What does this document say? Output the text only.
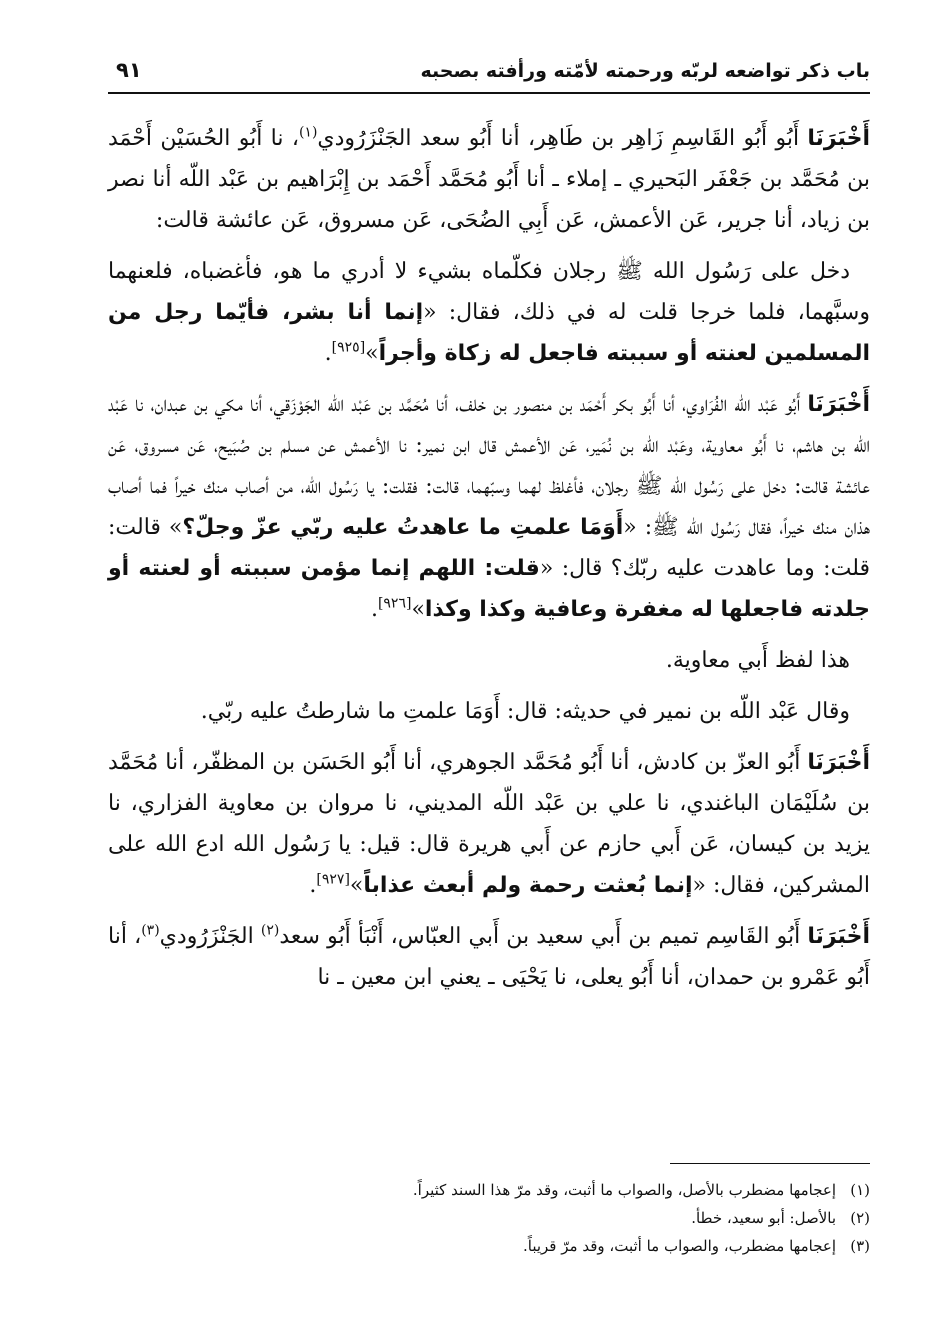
باب ذكر تواضعه لربّه ورحمته لأمّته ورأفته بصحبه
٩١

أَخْبَرَنَا أَبُو أَبُو القَاسِمِ زَاهِر بن طَاهِر، أنا أَبُو سعد الجَنْزَرُودي$^{(١)}$، نا أَبُو الحُسَيْن أَحْمَد بن مُحَمَّد بن جَعْفَر البَحيري ـ إملاء ـ أنا أَبُو مُحَمَّد أَحْمَد بن إِبْرَاهيم بن عَبْد اللّه أنا نصر بن زياد، أنا جرير، عَن الأعمش، عَن أَبِي الضُحَى، عَن مسروق، عَن عائشة قالت:

دخل على رَسُول الله ﷺ رجلان فكلّماه بشيء لا أدري ما هو، فأغضباه، فلعنهما وسبَّهما، فلما خرجا قلت له في ذلك، فقال: «إنما أنا بشر، فأيّما رجل من المسلمين لعنته أو سببته فاجعل له زكاة وأجراً»[٩٢٥].

أَخْبَرَنَا أَبُو عَبْد اللّه الفُرَاوي، أنا أَبُو بكر أَحْمَد بن منصور بن خلف، أنا مُحَمَّد بن عَبْد اللّه الجَوْزَقي، أنا مكي بن عبدان، نا عَبْد اللّه بن هاشم، نا أَبُو معاوية، وعَبْد اللّه بن نُمَير، عَن الأعمش قال ابن نمير: نا الأعمش عن مسلم بن صُبَيح، عَن مسروق، عَن عائشة قالت: دخل على رَسُول الله ﷺ رجلان، فأغلظ لهما وسبّهما، قالت: فقلت: يا رَسُول الله، من أصاب منك خيراً فما أصاب هذان منك خيراً، فقال رَسُول الله ﷺ: «أَوَمَا علمتِ ما عاهدتُ عليه ربّي عزّ وجلّ؟» قالت: قلت: وما عاهدت عليه ربّك؟ قال: «قلت: اللهم إنما مؤمن سببته أو لعنته أو جلدته فاجعلها له مغفرة وعافية وكذا وكذا»[٩٢٦].

هذا لفظ أَبي معاوية.

وقال عَبْد اللّه بن نمير في حديثه: قال: أَوَمَا علمتِ ما شارطتُ عليه ربّي.

أَخْبَرَنَا أَبُو العزّ بن كادش، أنا أَبُو مُحَمَّد الجوهري، أنا أَبُو الحَسَن بن المظفّر، أنا مُحَمَّد بن سُلَيْمَان الباغندي، نا علي بن عَبْد اللّه المديني، نا مروان بن معاوية الفزاري، نا يزيد بن كيسان، عَن أَبي حازم عن أَبي هريرة قال: قيل: يا رَسُول الله ادع الله على المشركين، فقال: «إنما بُعثت رحمة ولم أبعث عذاباً»[٩٢٧].

أَخْبَرَنَا أَبُو القَاسِم تميم بن أَبي سعيد بن أَبي العبّاس، أَنْبَأ أَبُو سعد$^{(٢)}$ الجَنْزَرُودي$^{(٣)}$، أنا أَبُو عَمْرو بن حمدان، أنا أَبُو يعلى، نا يَحْيَى ـ يعني ابن معين ـ نا

(١)إعجامها مضطرب بالأصل، والصواب ما أثبت، وقد مرّ هذا السند كثيراً.

(٢)بالأصل: أبو سعيد، خطأ.

(٣)إعجامها مضطرب، والصواب ما أثبت، وقد مرّ قريباً.
